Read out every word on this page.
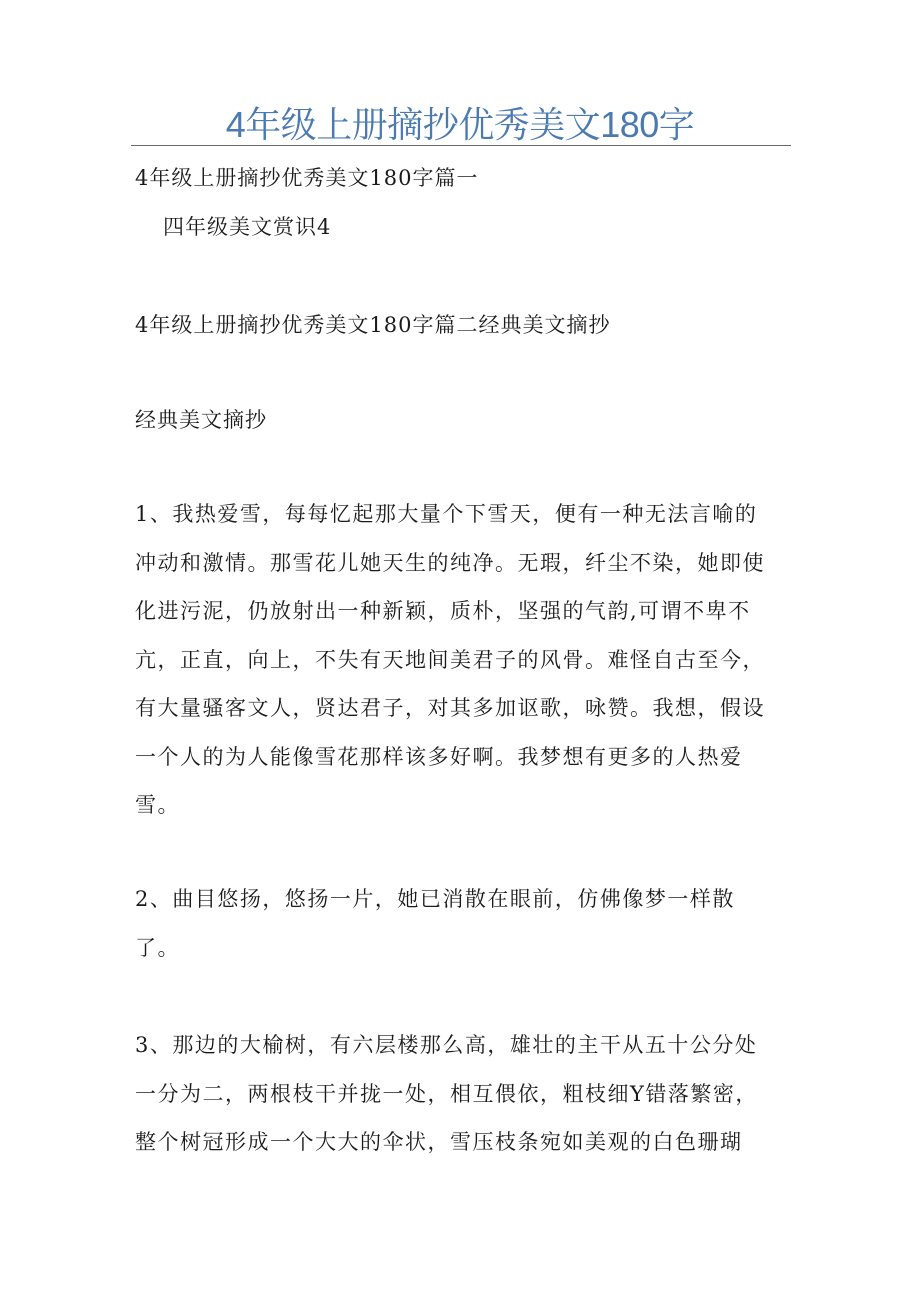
4年级上册摘抄优秀美文180字
4年级上册摘抄优秀美文180字篇一
四年级美文赏识4
4年级上册摘抄优秀美文180字篇二经典美文摘抄
经典美文摘抄
1、我热爱雪，每每忆起那大量个下雪天，便有一种无法言喻的
冲动和激情。那雪花儿她天生的纯净。无瑕，纤尘不染，她即使
化进污泥，仍放射出一种新颖，质朴，坚强的气韵,可谓不卑不
亢，正直，向上，不失有天地间美君子的风骨。难怪自古至今，
有大量骚客文人，贤达君子，对其多加讴歌，咏赞。我想，假设
一个人的为人能像雪花那样该多好啊。我梦想有更多的人热爱
雪。
2、曲目悠扬，悠扬一片，她已消散在眼前，仿佛像梦一样散
了。
3、那边的大榆树，有六层楼那么高，雄壮的主干从五十公分处
一分为二，两根枝干并拢一处，相互偎依，粗枝细Y错落繁密，
整个树冠形成一个大大的伞状，雪压枝条宛如美观的白色珊瑚
